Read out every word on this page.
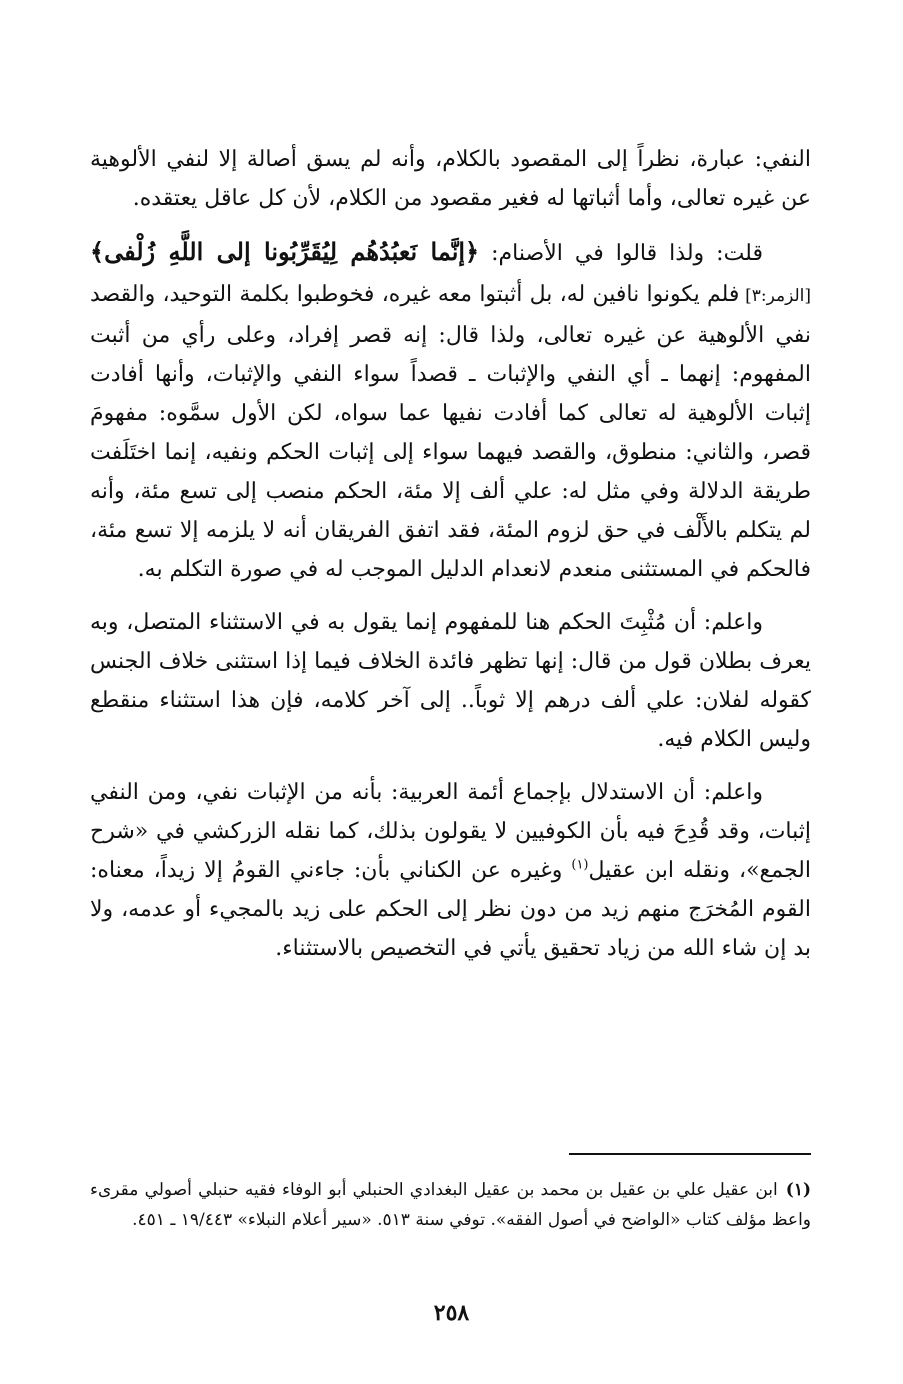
النفي: عبارة، نظراً إلى المقصود بالكلام، وأنه لم يسق أصالة إلا لنفي الألوهية عن غيره تعالى، وأما أثباتها له فغير مقصود من الكلام، لأن كل عاقل يعتقده.

قلت: ولذا قالوا في الأصنام: ﴿إنَّما نَعبُدُهُم لِيُقَرِّبُونا إلى اللَّهِ زُلْفى﴾ [الزمر:٣] فلم يكونوا نافين له، بل أثبتوا معه غيره، فخوطبوا بكلمة التوحيد، والقصد نفي الألوهية عن غيره تعالى، ولذا قال: إنه قصر إفراد، وعلى رأي من أثبت المفهوم: إنهما ـ أي النفي والإثبات ـ قصداً سواء النفي والإثبات، وأنها أفادت إثبات الألوهية له تعالى كما أفادت نفيها عما سواه، لكن الأول سمَّوه: مفهومَ قصر، والثاني: منطوق، والقصد فيهما سواء إلى إثبات الحكم ونفيه، إنما اختَلَفت طريقة الدلالة وفي مثل له: علي ألف إلا مئة، الحكم منصب إلى تسع مئة، وأنه لم يتكلم بالأَلْف في حق لزوم المئة، فقد اتفق الفريقان أنه لا يلزمه إلا تسع مئة، فالحكم في المستثنى منعدم لانعدام الدليل الموجب له في صورة التكلم به.

واعلم: أن مُثْبِتَ الحكم هنا للمفهوم إنما يقول به في الاستثناء المتصل، وبه يعرف بطلان قول من قال: إنها تظهر فائدة الخلاف فيما إذا استثنى خلاف الجنس كقوله لفلان: علي ألف درهم إلا ثوباً.. إلى آخر كلامه، فإن هذا استثناء منقطع وليس الكلام فيه.

واعلم: أن الاستدلال بإجماع أئمة العربية: بأنه من الإثبات نفي، ومن النفي إثبات، وقد قُدِحَ فيه بأن الكوفيين لا يقولون بذلك، كما نقله الزركشي في «شرح الجمع»، ونقله ابن عقيل$^{(١)}$ وغيره عن الكناني بأن: جاءني القومُ إلا زيداً، معناه: القوم المُخرَج منهم زيد من دون نظر إلى الحكم على زيد بالمجيء أو عدمه، ولا بد إن شاء الله من زياد تحقيق يأتي في التخصيص بالاستثناء.

(١)ابن عقيل علي بن عقيل بن محمد بن عقيل البغدادي الحنبلي أبو الوفاء فقيه حنبلي أصولي مقرىء واعظ مؤلف كتاب «الواضح في أصول الفقه». توفي سنة ٥١٣. «سير أعلام النبلاء» ١٩/٤٤٣ ـ ٤٥١.
٢٥٨
